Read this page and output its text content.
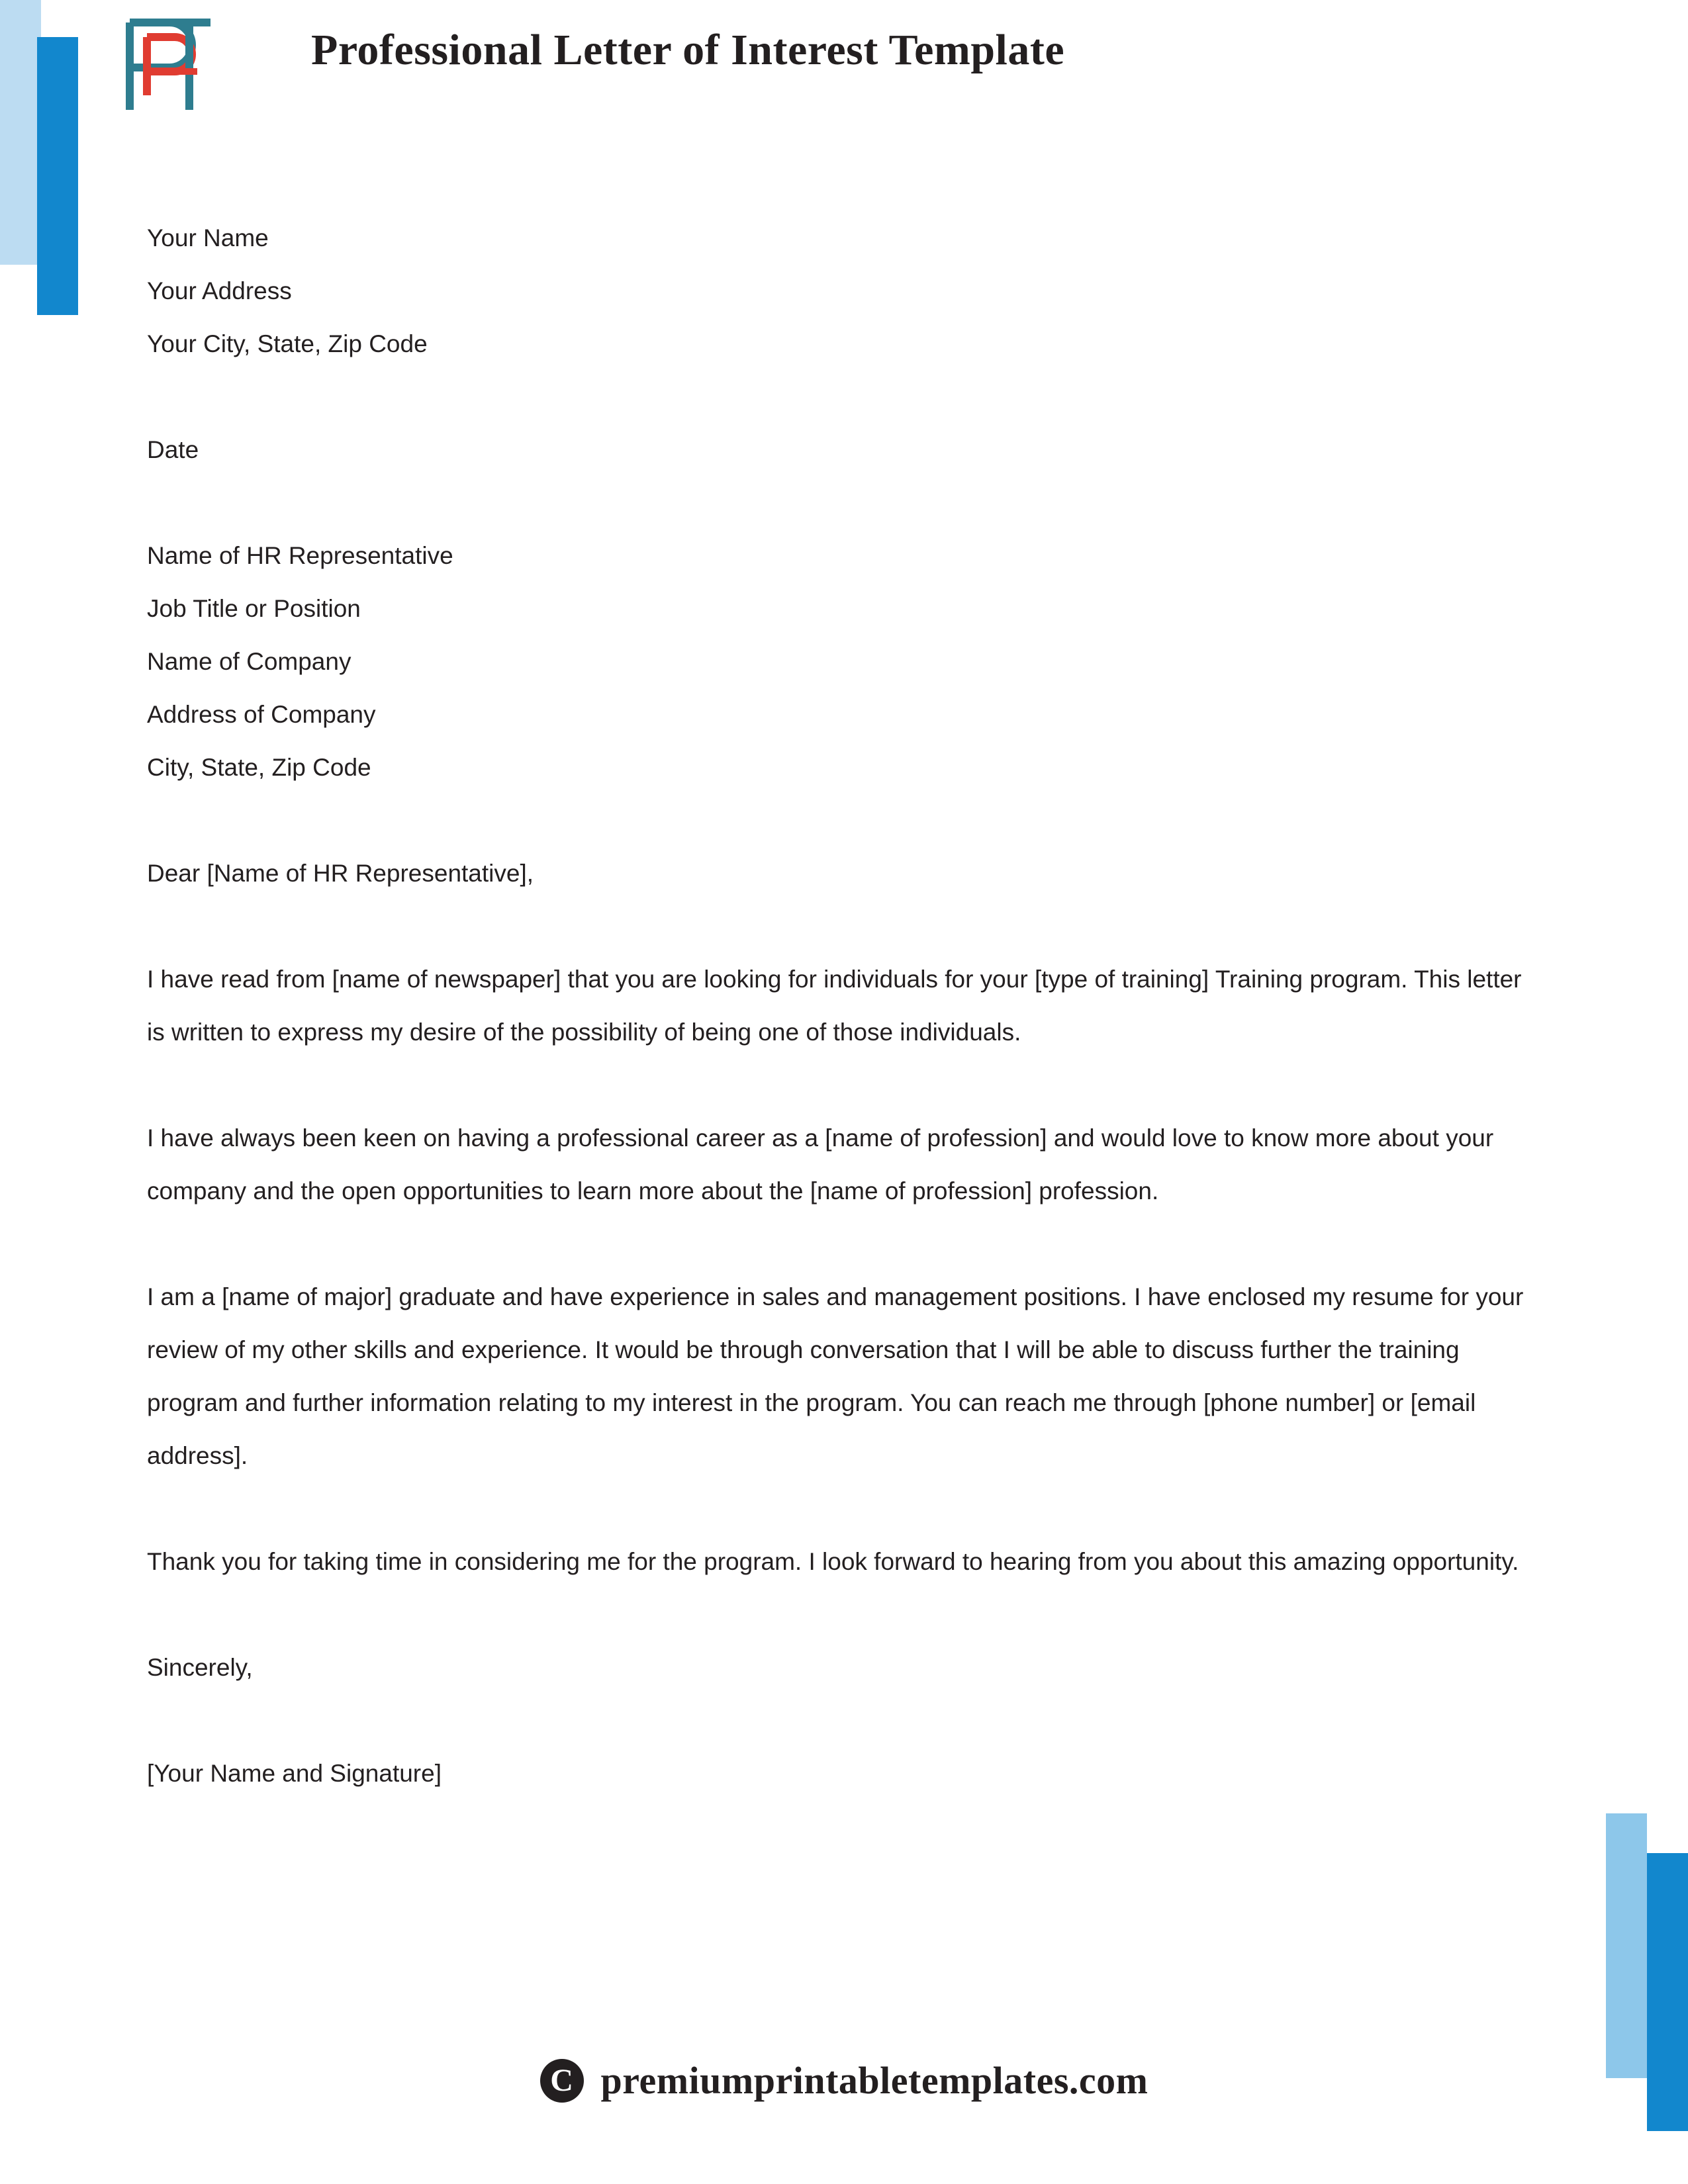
Professional Letter of Interest Template
Your Name
Your Address
Your City, State, Zip Code
Date
Name of HR Representative
Job Title or Position
Name of Company
Address of Company
City, State, Zip Code
Dear [Name of HR Representative],
I have read from [name of newspaper] that you are looking for individuals for your [type of training] Training program. This letter is written to express my desire of the possibility of being one of those individuals.
I have always been keen on having a professional career as a [name of profession] and would love to know more about your company and the open opportunities to learn more about the [name of profession] profession.
I am a [name of major] graduate and have experience in sales and management positions. I have enclosed my resume for your review of my other skills and experience. It would be through conversation that I will be able to discuss further the training program and further information relating to my interest in the program. You can reach me through [phone number] or [email address].
Thank you for taking time in considering me for the program. I look forward to hearing from you about this amazing opportunity.
Sincerely,
[Your Name and Signature]
C premiumprintabletemplates.com
